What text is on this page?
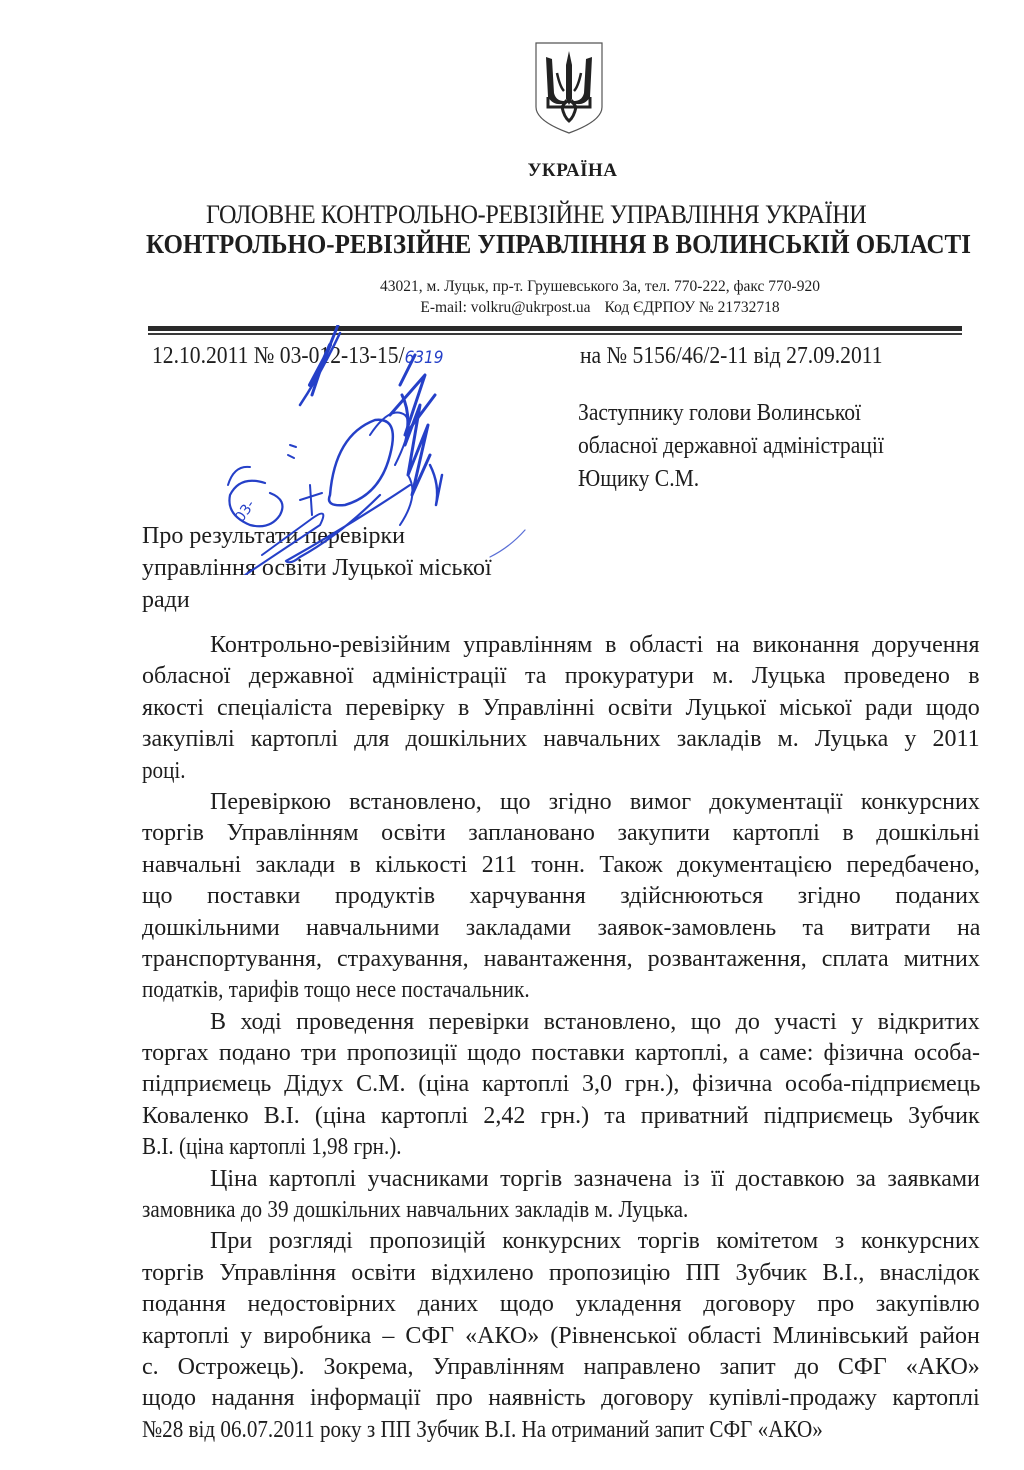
УКРАЇНА
ГОЛОВНЕ КОНТРОЛЬНО-РЕВІЗІЙНЕ УПРАВЛІННЯ УКРАЇНИ
КОНТРОЛЬНО-РЕВІЗІЙНЕ УПРАВЛІННЯ В ВОЛИНСЬКІЙ ОБЛАСТІ
43021, м. Луцьк, пр-т. Грушевського 3а, тел. 770-222, факс 770-920
E-mail: volkru@ukrpost.ua Код ЄДРПОУ № 21732718
12.10.2011 № 03-012-13-15/6319	на № 5156/46/2-11 від 27.09.2011
Заступнику голови Волинської
обласної державної адміністрації
Ющику С.М.
Про результати перевірки
управління освіти Луцької міської
ради
Контрольно-ревізійним управлінням в області на виконання доручення
обласної державної адміністрації та прокуратури м. Луцька проведено в
якості спеціаліста перевірку в Управлінні освіти Луцької міської ради щодо
закупівлі картоплі для дошкільних навчальних закладів м. Луцька у 2011
році.
Перевіркою встановлено, що згідно вимог документації конкурсних
торгів Управлінням освіти заплановано закупити картоплі в дошкільні
навчальні заклади в кількості 211 тонн. Також документацією передбачено,
що поставки продуктів харчування здійснюються згідно поданих
дошкільними навчальними закладами заявок-замовлень та витрати на
транспортування, страхування, навантаження, розвантаження, сплата митних
податків, тарифів тощо несе постачальник.
В ході проведення перевірки встановлено, що до участі у відкритих
торгах подано три пропозиції щодо поставки картоплі, а саме: фізична особа-
підприємець Дідух С.М. (ціна картоплі 3,0 грн.), фізична особа-підприємець
Коваленко В.І. (ціна картоплі 2,42 грн.) та приватний підприємець Зубчик
В.І. (ціна картоплі 1,98 грн.).
Ціна картоплі учасниками торгів зазначена із її доставкою за заявками
замовника до 39 дошкільних навчальних закладів м. Луцька.
При розгляді пропозицій конкурсних торгів комітетом з конкурсних
торгів Управління освіти відхилено пропозицію ПП Зубчик В.І., внаслідок
подання недостовірних даних щодо укладення договору про закупівлю
картоплі у виробника – СФГ «АКО» (Рівненської області Млинівський район
с. Острожець). Зокрема, Управлінням направлено запит до СФГ «АКО»
щодо надання інформації про наявність договору купівлі-продажу картоплі
№28 від 06.07.2011 року з ПП Зубчик В.І. На отриманий запит СФГ «АКО»
03-
